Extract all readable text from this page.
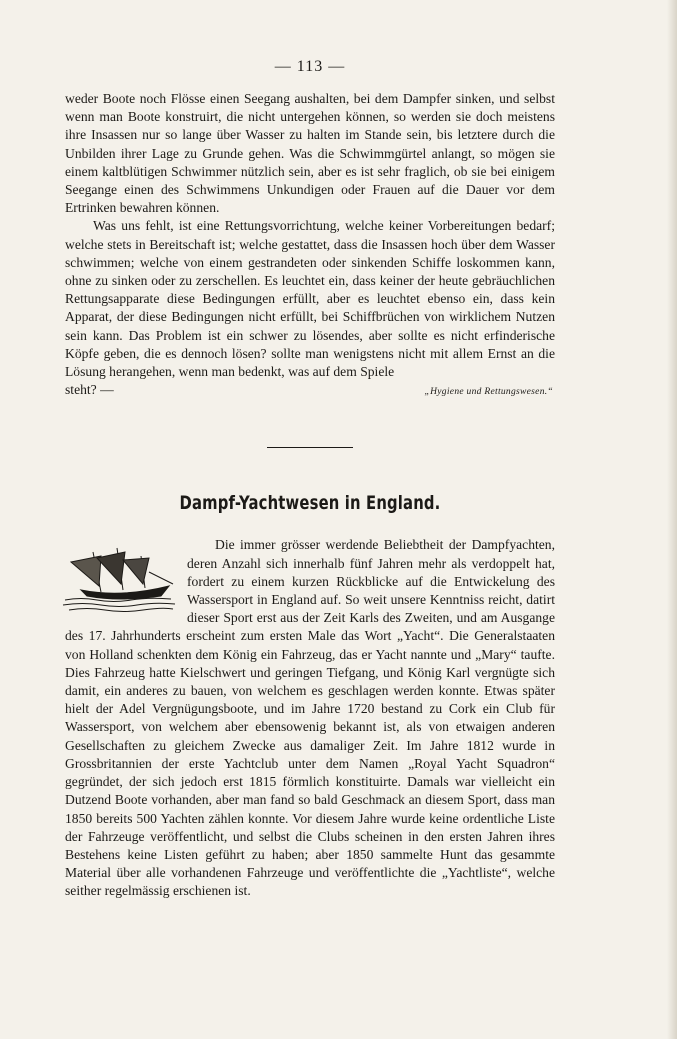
— 113 —

weder Boote noch Flösse einen Seegang aushalten, bei dem Dampfer sinken, und selbst wenn man Boote konstruirt, die nicht untergehen können, so werden sie doch meistens ihre Insassen nur so lange über Wasser zu halten im Stande sein, bis letztere durch die Unbilden ihrer Lage zu Grunde gehen. Was die Schwimmgürtel anlangt, so mögen sie einem kaltblütigen Schwimmer nützlich sein, aber es ist sehr fraglich, ob sie bei einigem Seegange einen des Schwimmens Unkundigen oder Frauen auf die Dauer vor dem Ertrinken bewahren können.

Was uns fehlt, ist eine Rettungsvorrichtung, welche keiner Vorbereitungen bedarf; welche stets in Bereitschaft ist; welche gestattet, dass die Insassen hoch über dem Wasser schwimmen; welche von einem gestrandeten oder sinkenden Schiffe loskommen kann, ohne zu sinken oder zu zerschellen. Es leuchtet ein, dass keiner der heute gebräuchlichen Rettungsapparate diese Bedingungen erfüllt, aber es leuchtet ebenso ein, dass kein Apparat, der diese Bedingungen nicht erfüllt, bei Schiffbrüchen von wirklichem Nutzen sein kann. Das Problem ist ein schwer zu lösendes, aber sollte es nicht erfinderische Köpfe geben, die es dennoch lösen? sollte man wenigstens nicht mit allem Ernst an die Lösung herangehen, wenn man bedenkt, was auf dem Spiele

steht? —	„Hygiene und Rettungswesen.“
Dampf-Yachtwesen in England.

Die immer grösser werdende Beliebtheit der Dampfyachten, deren Anzahl sich innerhalb fünf Jahren mehr als verdoppelt hat, fordert zu einem kurzen Rückblicke auf die Entwickelung des Wassersport in England auf. So weit unsere Kenntniss reicht, datirt dieser Sport erst aus der Zeit Karls des Zweiten, und am Ausgange des 17. Jahrhunderts erscheint zum ersten Male das Wort „Yacht“. Die Generalstaaten von Holland schenkten dem König ein Fahrzeug, das er Yacht nannte und „Mary“ taufte. Dies Fahrzeug hatte Kielschwert und geringen Tiefgang, und König Karl vergnügte sich damit, ein anderes zu bauen, von welchem es geschlagen werden konnte. Etwas später hielt der Adel Vergnügungsboote, und im Jahre 1720 bestand zu Cork ein Club für Wassersport, von welchem aber ebensowenig bekannt ist, als von etwaigen anderen Gesellschaften zu gleichem Zwecke aus damaliger Zeit. Im Jahre 1812 wurde in Grossbritannien der erste Yachtclub unter dem Namen „Royal Yacht Squadron“ gegründet, der sich jedoch erst 1815 förmlich konstituirte. Damals war vielleicht ein Dutzend Boote vorhanden, aber man fand so bald Geschmack an diesem Sport, dass man 1850 bereits 500 Yachten zählen konnte. Vor diesem Jahre wurde keine ordentliche Liste der Fahrzeuge veröffentlicht, und selbst die Clubs scheinen in den ersten Jahren ihres Bestehens keine Listen geführt zu haben; aber 1850 sammelte Hunt das gesammte Material über alle vorhandenen Fahrzeuge und veröffentlichte die „Yachtliste“, welche seither regelmässig erschienen ist.
